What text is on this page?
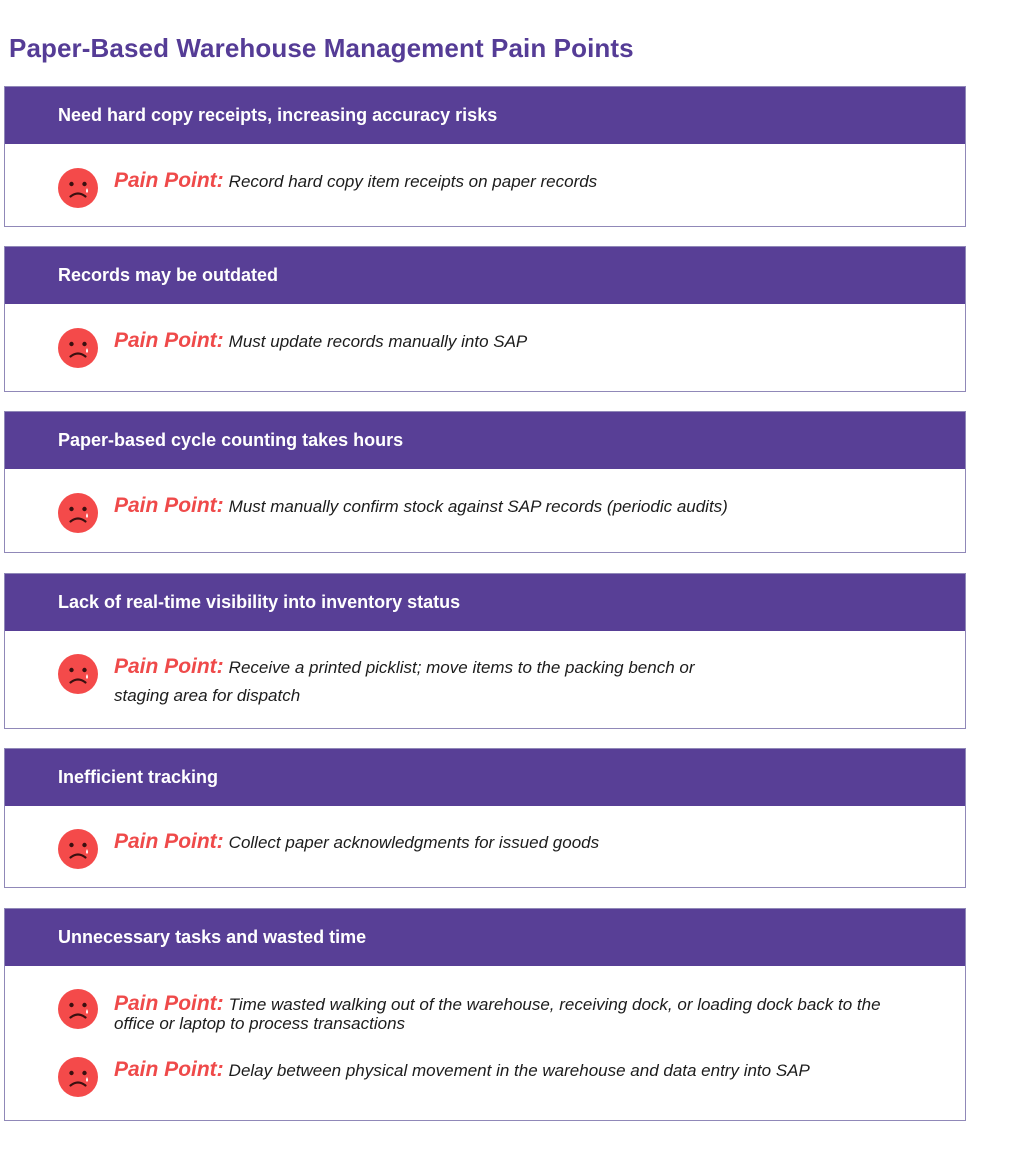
Paper-Based Warehouse Management Pain Points
Need hard copy receipts, increasing accuracy risks
Pain Point: Record hard copy item receipts on paper records
Records may be outdated
Pain Point: Must update records manually into SAP
Paper-based cycle counting takes hours
Pain Point: Must manually confirm stock against SAP records (periodic audits)
Lack of real-time visibility into inventory status
Pain Point: Receive a printed picklist; move items to the packing bench or staging area for dispatch
Inefficient tracking
Pain Point: Collect paper acknowledgments for issued goods
Unnecessary tasks and wasted time
Pain Point: Time wasted walking out of the warehouse, receiving dock, or loading dock back to the office or laptop to process transactions
Pain Point: Delay between physical movement in the warehouse and data entry into SAP
